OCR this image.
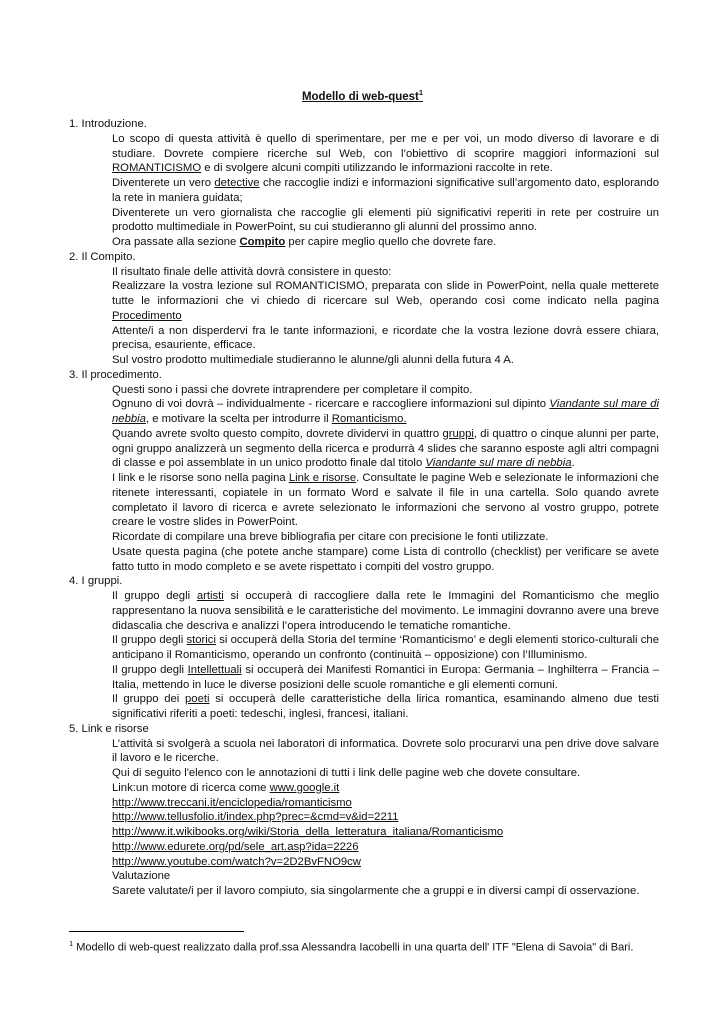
Modello di web-quest$^1$
1. Introduzione.
Lo scopo di questa attività è quello di sperimentare, per me e per voi, un modo diverso di lavorare e di studiare. Dovrete compiere ricerche sul Web, con l’obiettivo di scoprire maggiori informazioni sul ROMANTICISMO e di svolgere alcuni compiti utilizzando le informazioni raccolte in rete.
Diventerete un vero detective che raccoglie indizi e informazioni significative sull’argomento dato, esplorando la rete in maniera guidata;
Diventerete un vero giornalista che raccoglie gli elementi più significativi reperiti in rete per costruire un prodotto multimediale in PowerPoint, su cui studieranno gli alunni del prossimo anno.
Ora passate alla sezione Compito per capire meglio quello che dovrete fare.
2. Il Compito.
Il risultato finale delle attività dovrà consistere in questo:
Realizzare la vostra lezione sul ROMANTICISMO, preparata con slide in PowerPoint, nella quale metterete tutte le informazioni che vi chiedo di ricercare sul Web, operando così come indicato nella pagina Procedimento
Attente/i a non disperdervi fra le tante informazioni, e ricordate che la vostra lezione dovrà essere chiara, precisa, esauriente, efficace.
Sul vostro prodotto multimediale studieranno le alunne/gli alunni della futura 4 A.
3. Il procedimento.
Questi sono i passi che dovrete intraprendere per completare il compito.
Ognuno di voi dovrà – individualmente - ricercare e raccogliere informazioni sul dipinto Viandante sul mare di nebbia, e motivare la scelta per introdurre il Romanticismo.
Quando avrete svolto questo compito, dovrete dividervi in quattro gruppi, di quattro o cinque alunni per parte, ogni gruppo analizzerà un segmento della ricerca e produrrà 4 slides che saranno esposte agli altri compagni di classe e poi assemblate in un unico prodotto finale dal titolo Viandante sul mare di nebbia.
I link e le risorse sono nella pagina Link e risorse. Consultate le pagine Web e selezionate le informazioni che ritenete interessanti, copiatele in un formato Word e salvate il file in una cartella. Solo quando avrete completato il lavoro di ricerca e avrete selezionato le informazioni che servono al vostro gruppo, potrete creare le vostre slides in PowerPoint.
Ricordate di compilare una breve bibliografia per citare con precisione le fonti utilizzate.
Usate questa pagina (che potete anche stampare) come Lista di controllo (checklist) per verificare se avete fatto tutto in modo completo e se avete rispettato i compiti del vostro gruppo.
4. I gruppi.
Il gruppo degli artisti si occuperà di raccogliere dalla rete le Immagini del Romanticismo che meglio rappresentano la nuova sensibilità e le caratteristiche del movimento. Le immagini dovranno avere una breve didascalia che descriva e analizzi l’opera introducendo le tematiche romantiche.
Il gruppo degli storici si occuperà della Storia del termine ‘Romanticismo’ e degli elementi storico-culturali che anticipano il Romanticismo, operando un confronto (continuità – opposizione) con l’Illuminismo.
Il gruppo degli Intellettuali si occuperà dei Manifesti Romantici in Europa: Germania – Inghilterra – Francia – Italia, mettendo in luce le diverse posizioni delle scuole romantiche e gli elementi comuni.
Il gruppo dei poeti si occuperà delle caratteristiche della lirica romantica, esaminando almeno due testi significativi riferiti a poeti: tedeschi, inglesi, francesi, italiani.
5. Link e risorse
L’attività si svolgerà a scuola nei laboratori di informatica. Dovrete solo procurarvi una pen drive dove salvare il lavoro e le ricerche.
Qui di seguito l'elenco con le annotazioni di tutti i link delle pagine web che dovete consultare.
Link:un motore di ricerca come www.google.it
http://www.treccani.it/enciclopedia/romanticismo
http://www.tellusfolio.it/index.php?prec=&cmd=v&id=2211
http://www.it.wikibooks.org/wiki/Storia_della_letteratura_italiana/Romanticismo
http://www.edurete.org/pd/sele_art.asp?ida=2226
http://www.youtube.com/watch?v=2D2BvFNO9cw
Valutazione
Sarete valutate/i per il lavoro compiuto, sia singolarmente che a gruppi e in diversi campi di osservazione.
$^1$ Modello di web-quest realizzato dalla prof.ssa Alessandra Iacobelli in una quarta dell' ITF "Elena di Savoia" di Bari.
